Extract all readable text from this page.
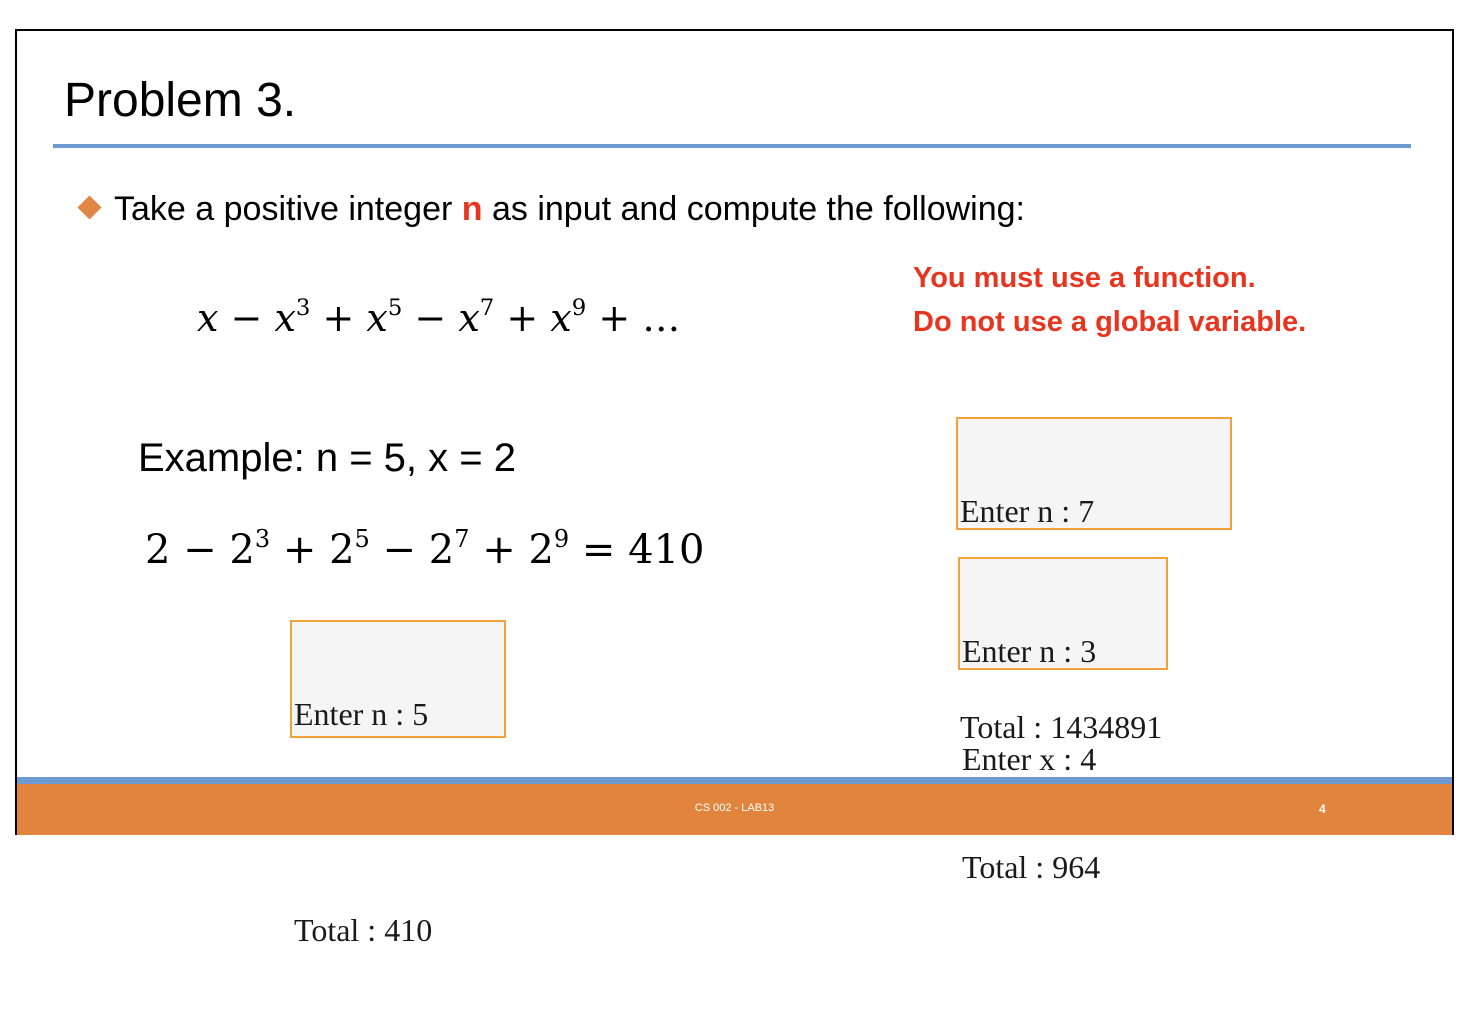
Problem 3.
Take a positive integer n as input and compute the following:
$x - x^3 + x^5 - x^7 + x^9$ + …
You must use a function.
Do not use a global variable.
Example: n = 5, x = 2
$2 - 2^3 + 2^5 - 2^7 + 2^9 = 410$

Enter n : 5

Total : 410

Enter n : 7

Total : 1434891

Enter n : 3

Enter x : 4

Total : 964

CS 002 - LAB13	4
